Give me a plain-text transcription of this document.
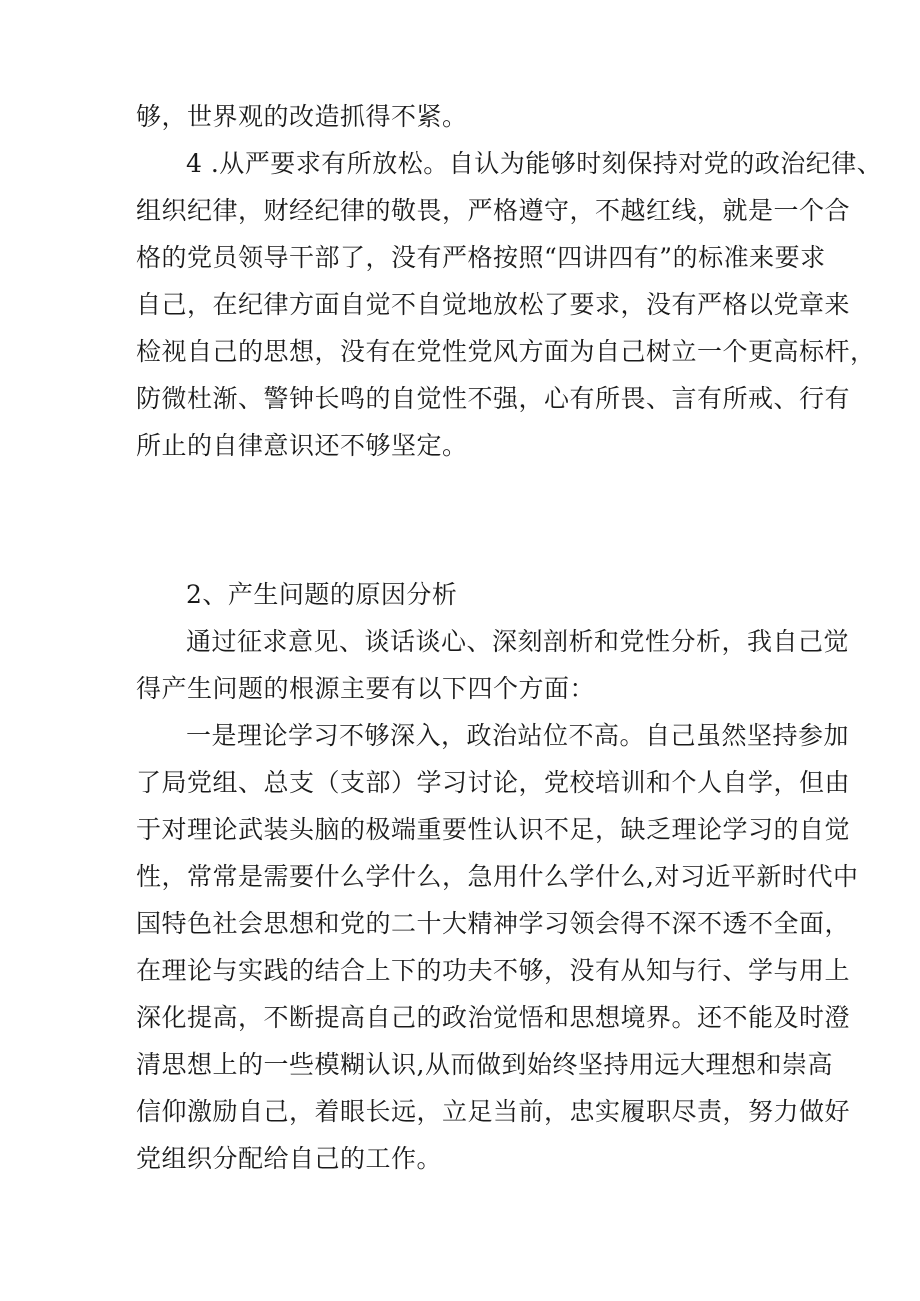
够，世界观的改造抓得不紧。
4 .从严要求有所放松。自认为能够时刻保持对党的政治纪律、
组织纪律，财经纪律的敬畏，严格遵守，不越红线，就是一个合
格的党员领导干部了，没有严格按照“四讲四有”的标准来要求
自己，在纪律方面自觉不自觉地放松了要求，没有严格以党章来
检视自己的思想，没有在党性党风方面为自己树立一个更高标杆，
防微杜渐、警钟长鸣的自觉性不强，心有所畏、言有所戒、行有
所止的自律意识还不够坚定。
2、产生问题的原因分析
通过征求意见、谈话谈心、深刻剖析和党性分析，我自己觉
得产生问题的根源主要有以下四个方面：
一是理论学习不够深入，政治站位不高。自己虽然坚持参加
了局党组、总支（支部）学习讨论，党校培训和个人自学，但由
于对理论武装头脑的极端重要性认识不足，缺乏理论学习的自觉
性，常常是需要什么学什么，急用什么学什么,对习近平新时代中
国特色社会思想和党的二十大精神学习领会得不深不透不全面，
在理论与实践的结合上下的功夫不够，没有从知与行、学与用上
深化提高，不断提高自己的政治觉悟和思想境界。还不能及时澄
清思想上的一些模糊认识,从而做到始终坚持用远大理想和崇高
信仰激励自己，着眼长远，立足当前，忠实履职尽责，努力做好
党组织分配给自己的工作。
